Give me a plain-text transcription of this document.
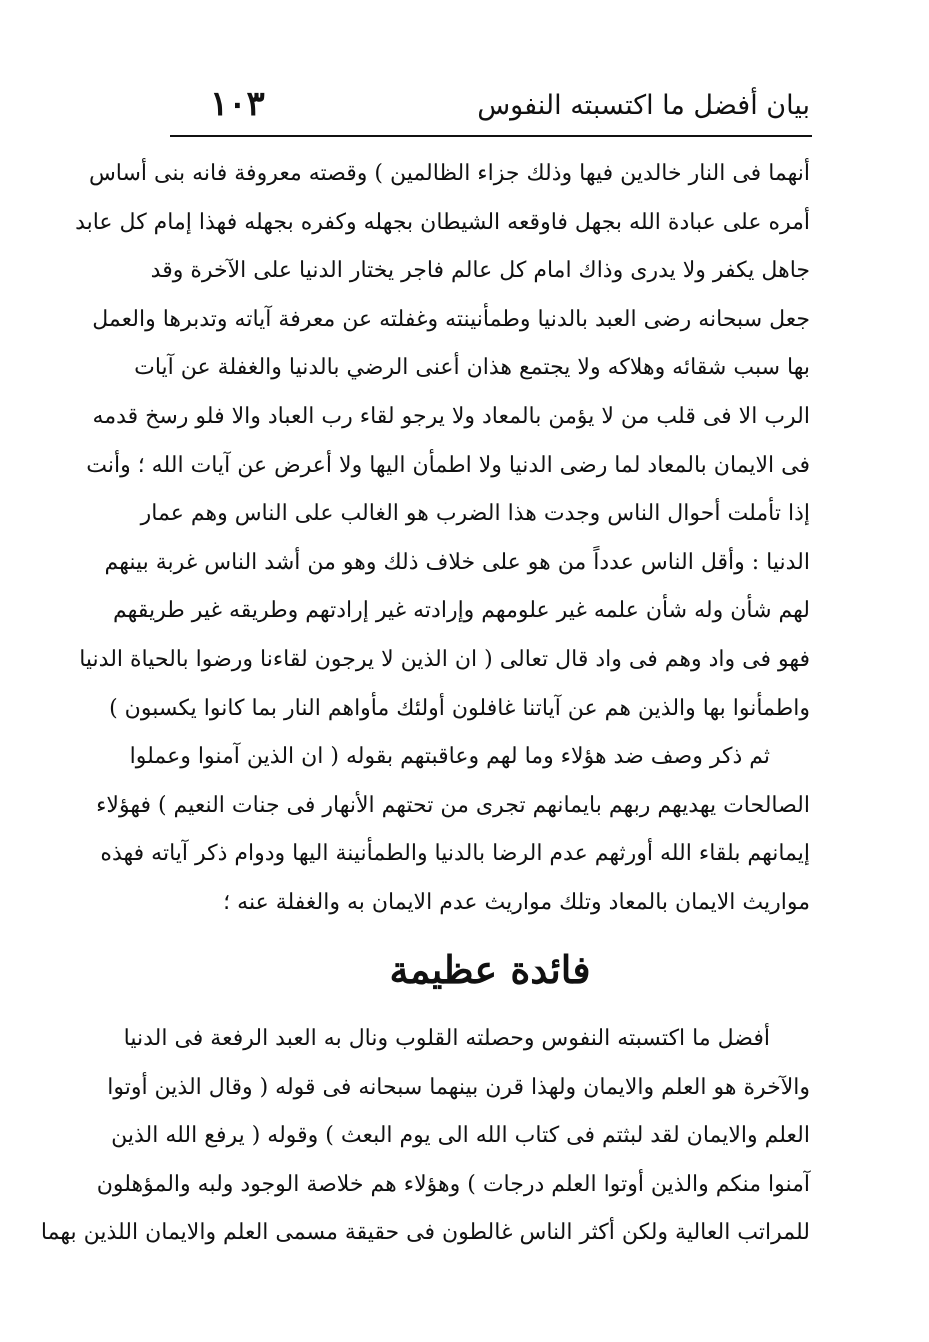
بيان أفضل ما اكتسبته النفوس
١٠٣
أنهما فى النار خالدين فيها وذلك جزاء الظالمين ) وقصته معروفة فانه بنى أساس
أمره على عبادة الله بجهل فاوقعه الشيطان بجهله وكفره بجهله فهذا إمام كل عابد
جاهل يكفر ولا يدرى وذاك امام كل عالم فاجر يختار الدنيا على الآخرة وقد
جعل سبحانه رضى العبد بالدنيا وطمأنينته وغفلته عن معرفة آياته وتدبرها والعمل
بها سبب شقائه وهلاكه ولا يجتمع هذان أعنى الرضي بالدنيا والغفلة عن آيات
الرب الا فى قلب من لا يؤمن بالمعاد ولا يرجو لقاء رب العباد والا فلو رسخ قدمه
فى الايمان بالمعاد لما رضى الدنيا ولا اطمأن اليها ولا أعرض عن آيات الله ؛ وأنت
إذا تأملت أحوال الناس وجدت هذا الضرب هو الغالب على الناس وهم عمار
الدنيا : وأقل الناس عدداً من هو على خلاف ذلك وهو من أشد الناس غربة بينهم
لهم شأن وله شأن علمه غير علومهم وإرادته غير إرادتهم وطريقه غير طريقهم
فهو فى واد وهم فى واد قال تعالى ( ان الذين لا يرجون لقاءنا ورضوا بالحياة الدنيا
واطمأنوا بها والذين هم عن آياتنا غافلون أولئك مأواهم النار بما كانوا يكسبون )
ثم ذكر وصف ضد هؤلاء وما لهم وعاقبتهم بقوله ( ان الذين آمنوا وعملوا
الصالحات يهديهم ربهم بايمانهم تجرى من تحتهم الأنهار فى جنات النعيم ) فهؤلاء
إيمانهم بلقاء الله أورثهم عدم الرضا بالدنيا والطمأنينة اليها ودوام ذكر آياته فهذه
مواريث الايمان بالمعاد وتلك مواريث عدم الايمان به والغفلة عنه ؛
فائدة عظيمة
أفضل ما اكتسبته النفوس وحصلته القلوب ونال به العبد الرفعة فى الدنيا
والآخرة هو العلم والايمان ولهذا قرن بينهما سبحانه فى قوله ( وقال الذين أوتوا
العلم والايمان لقد لبثتم فى كتاب الله الى يوم البعث ) وقوله ( يرفع الله الذين
آمنوا منكم والذين أوتوا العلم درجات ) وهؤلاء هم خلاصة الوجود ولبه والمؤهلون
للمراتب العالية ولكن أكثر الناس غالطون فى حقيقة مسمى العلم والايمان اللذين بهما
